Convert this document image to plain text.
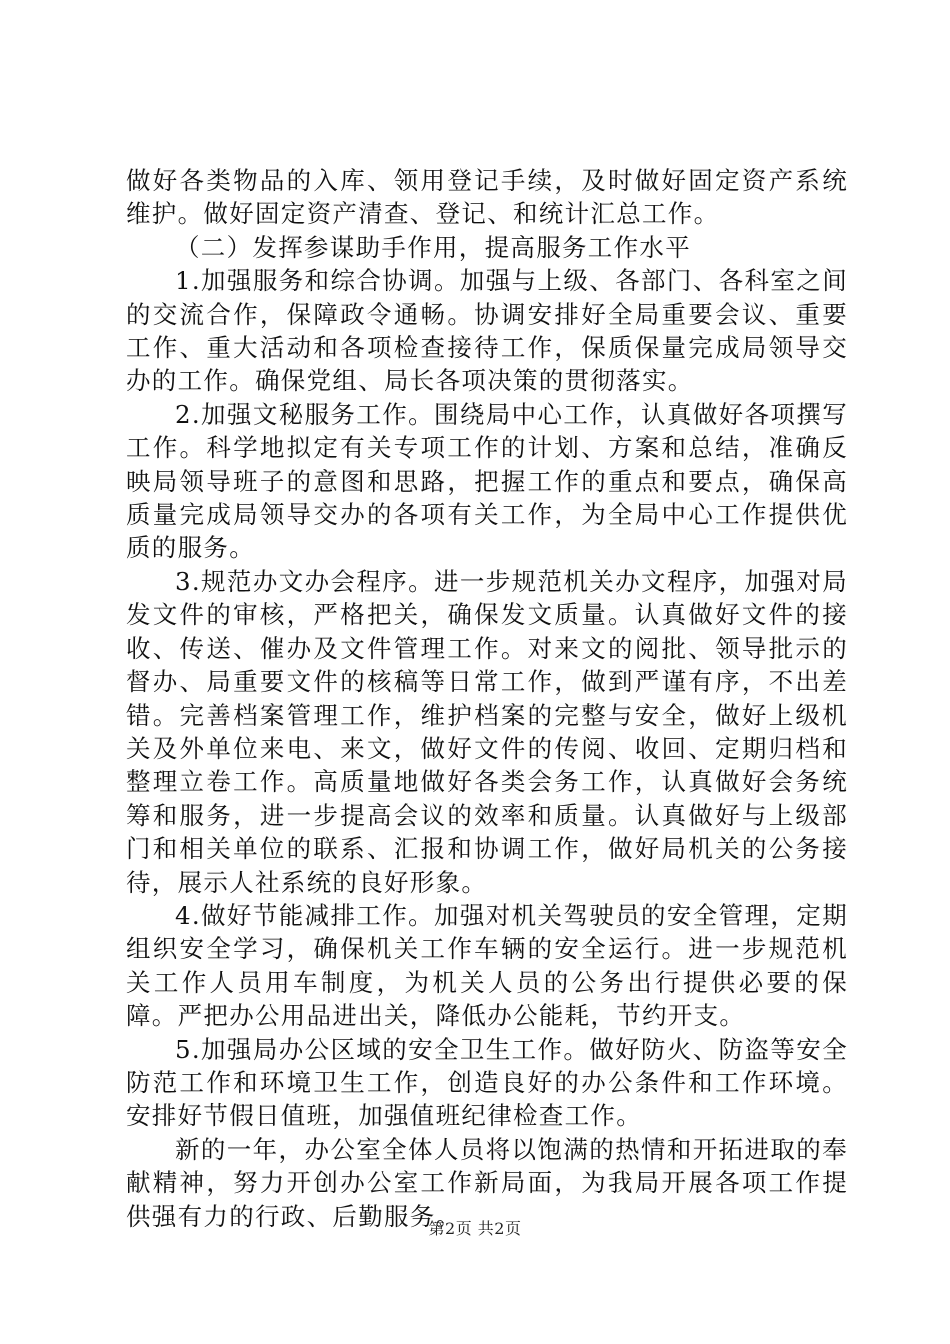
做好各类物品的入库、领用登记手续，及时做好固定资产系统维护。做好固定资产清查、登记、和统计汇总工作。

（二）发挥参谋助手作用，提高服务工作水平

1.加强服务和综合协调。加强与上级、各部门、各科室之间的交流合作，保障政令通畅。协调安排好全局重要会议、重要工作、重大活动和各项检查接待工作，保质保量完成局领导交办的工作。确保党组、局长各项决策的贯彻落实。

2.加强文秘服务工作。围绕局中心工作，认真做好各项撰写工作。科学地拟定有关专项工作的计划、方案和总结，准确反映局领导班子的意图和思路，把握工作的重点和要点，确保高质量完成局领导交办的各项有关工作，为全局中心工作提供优质的服务。

3.规范办文办会程序。进一步规范机关办文程序，加强对局发文件的审核，严格把关，确保发文质量。认真做好文件的接收、传送、催办及文件管理工作。对来文的阅批、领导批示的督办、局重要文件的核稿等日常工作，做到严谨有序，不出差错。完善档案管理工作，维护档案的完整与安全，做好上级机关及外单位来电、来文，做好文件的传阅、收回、定期归档和整理立卷工作。高质量地做好各类会务工作，认真做好会务统筹和服务，进一步提高会议的效率和质量。认真做好与上级部门和相关单位的联系、汇报和协调工作，做好局机关的公务接待，展示人社系统的良好形象。

4.做好节能减排工作。加强对机关驾驶员的安全管理，定期组织安全学习，确保机关工作车辆的安全运行。进一步规范机关工作人员用车制度，为机关人员的公务出行提供必要的保障。严把办公用品进出关，降低办公能耗，节约开支。

5.加强局办公区域的安全卫生工作。做好防火、防盗等安全防范工作和环境卫生工作，创造良好的办公条件和工作环境。安排好节假日值班，加强值班纪律检查工作。

新的一年，办公室全体人员将以饱满的热情和开拓进取的奉献精神，努力开创办公室工作新局面，为我局开展各项工作提供强有力的行政、后勤服务。

第2页 共2页
